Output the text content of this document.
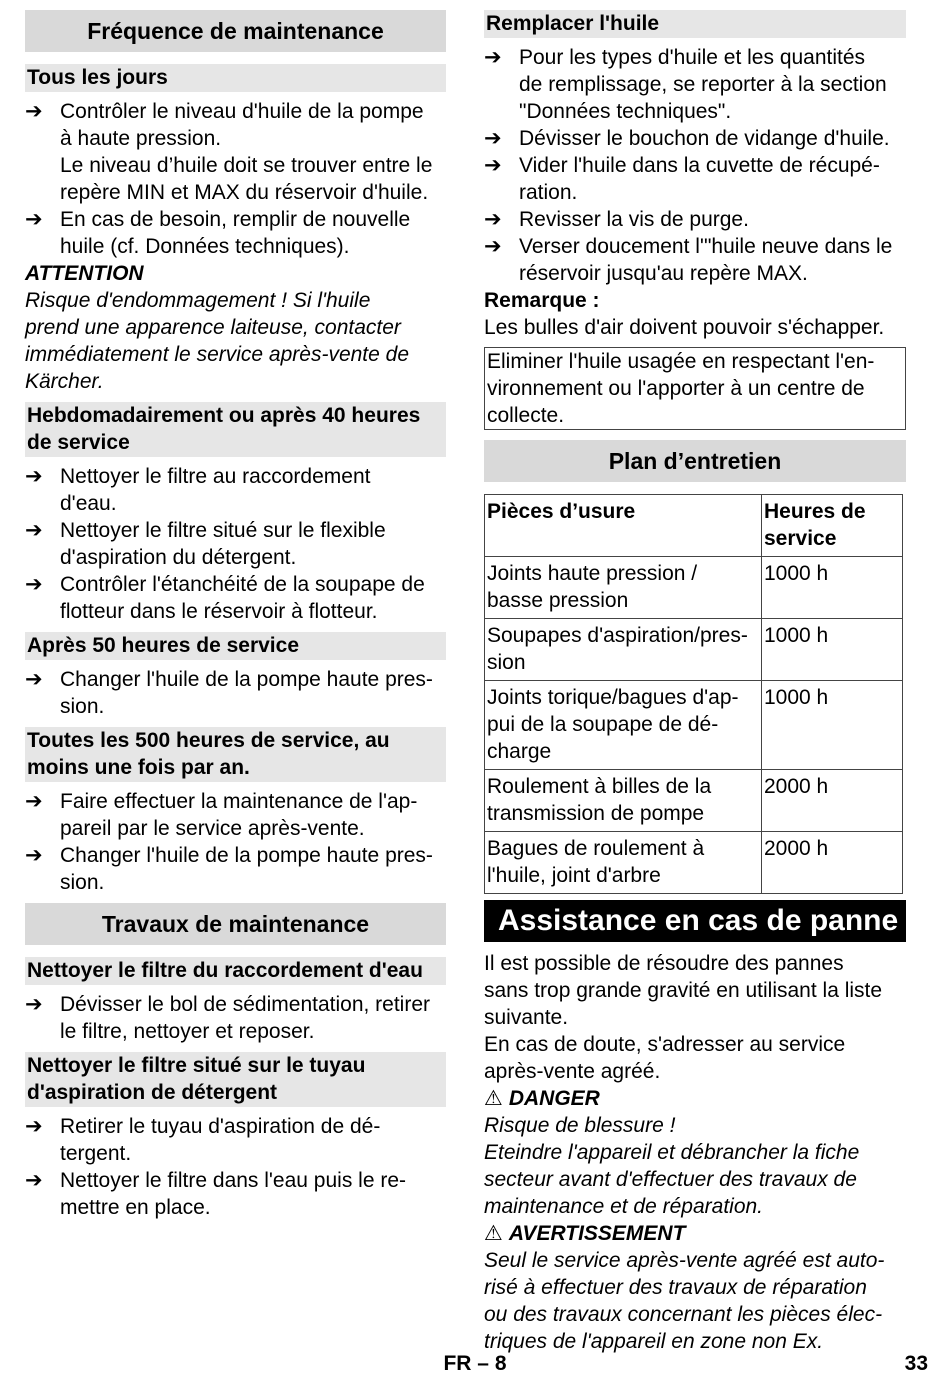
Fréquence de maintenance
Tous les jours
➔ Contrôler le niveau d'huile de la pompe
à haute pression.
Le niveau d’huile doit se trouver entre le
repère MIN et MAX du réservoir d'huile.
➔ En cas de besoin, remplir de nouvelle
huile (cf. Données techniques).

ATTENTION

Risque d'endommagement ! Si l'huile
prend une apparence laiteuse, contacter
immédiatement le service après-vente de
Kärcher.
Hebdomadairement ou après 40 heures
de service
➔ Nettoyer le filtre au raccordement
d'eau.
➔ Nettoyer le filtre situé sur le flexible
d'aspiration du détergent.
➔ Contrôler l'étanchéité de la soupape de
flotteur dans le réservoir à flotteur.
Après 50 heures de service
➔ Changer l'huile de la pompe haute pres-
sion.
Toutes les 500 heures de service, au
moins une fois par an.
➔ Faire effectuer la maintenance de l'ap-
pareil par le service après-vente.
➔ Changer l'huile de la pompe haute pres-
sion.
Travaux de maintenance
Nettoyer le filtre du raccordement d'eau
➔ Dévisser le bol de sédimentation, retirer
le filtre, nettoyer et reposer.
Nettoyer le filtre situé sur le tuyau
d'aspiration de détergent
➔ Retirer le tuyau d'aspiration de dé-
tergent.
➔ Nettoyer le filtre dans l'eau puis le re-
mettre en place.
Remplacer l'huile
➔ Pour les types d'huile et les quantités
de remplissage, se reporter à la section
"Données techniques".
➔ Dévisser le bouchon de vidange d'huile.
➔ Vider l'huile dans la cuvette de récupé-
ration.
➔ Revisser la vis de purge.
➔ Verser doucement l'"huile neuve dans le
réservoir jusqu'au repère MAX.

Remarque :

Les bulles d'air doivent pouvoir s'échapper.

Eliminer l'huile usagée en respectant l'en-
vironnement ou l'apporter à un centre de
collecte.
Plan d’entretien
Pièces d’usure	Heures de
service

Joints haute pression /
basse pression	1000 h

Soupapes d'aspiration/pres-
sion	1000 h

Joints torique/bagues d'ap-
pui de la soupape de dé-
charge	1000 h

Roulement à billes de la
transmission de pompe	2000 h

Bagues de roulement à
l'huile, joint d'arbre	2000 h
Assistance en cas de panne
Il est possible de résoudre des pannes
sans trop grande gravité en utilisant la liste
suivante.
En cas de doute, s'adresser au service
après-vente agréé.

⚠ DANGER

Risque de blessure !
Eteindre l'appareil et débrancher la fiche
secteur avant d'effectuer des travaux de
maintenance et de réparation.

⚠ AVERTISSEMENT

Seul le service après-vente agréé est auto-
risé à effectuer des travaux de réparation
ou des travaux concernant les pièces élec-
triques de l'appareil en zone non Ex.
FR – 8	33
